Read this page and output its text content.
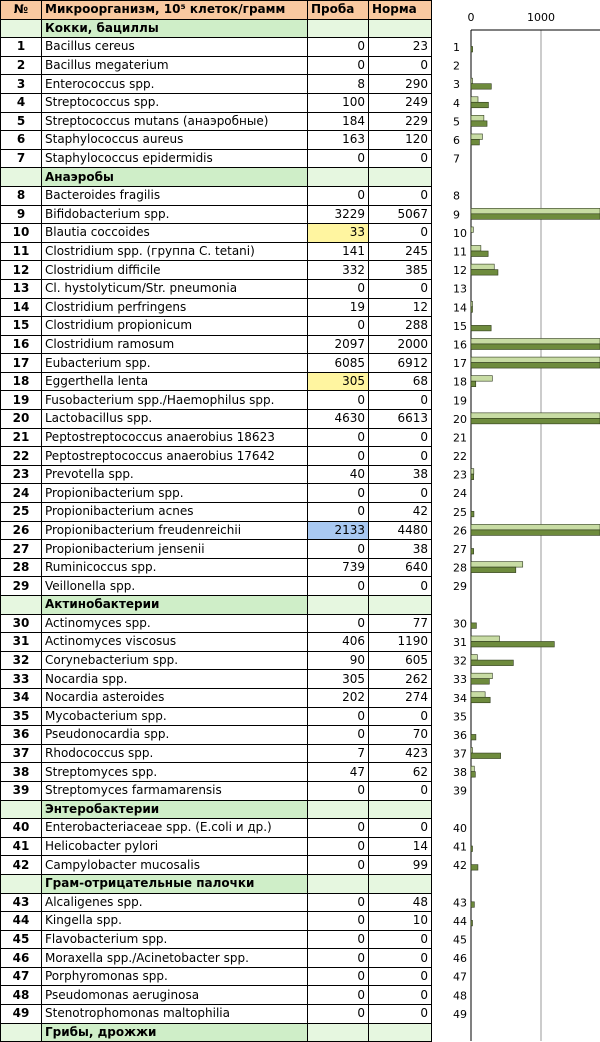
№	Микроорганизм, 10⁵ клеток/грамм	Проба	Норма
	Кокки, бациллы		
1	Bacillus cereus	0	23
2	Bacillus megaterium	0	0
3	Enterococcus spp.	8	290
4	Streptococcus spp.	100	249
5	Streptococcus mutans (анаэробные)	184	229
6	Staphylococcus aureus	163	120
7	Staphylococcus epidermidis	0	0
	Анаэробы		
8	Bacteroides fragilis	0	0
9	Bifidobacterium spp.	3229	5067
10	Blautia coccoides	33	0
11	Clostridium spp. (группа C. tetani)	141	245
12	Clostridium difficile	332	385
13	Cl. hystolyticum/Str. pneumonia	0	0
14	Clostridium perfringens	19	12
15	Clostridium propionicum	0	288
16	Clostridium ramosum	2097	2000
17	Eubacterium spp.	6085	6912
18	Eggerthella lenta	305	68
19	Fusobacterium spp./Haemophilus spp.	0	0
20	Lactobacillus spp.	4630	6613
21	Peptostreptococcus anaerobius 18623	0	0
22	Peptostreptococcus anaerobius 17642	0	0
23	Prevotella spp.	40	38
24	Propionibacterium spp.	0	0
25	Propionibacterium acnes	0	42
26	Propionibacterium freudenreichii	2133	4480
27	Propionibacterium jensenii	0	38
28	Ruminicoccus spp.	739	640
29	Veillonella spp.	0	0
	Актинобактерии		
30	Actinomyces spp.	0	77
31	Actinomyces viscosus	406	1190
32	Corynebacterium spp.	90	605
33	Nocardia spp.	305	262
34	Nocardia asteroides	202	274
35	Mycobacterium spp.	0	0
36	Pseudonocardia spp.	0	70
37	Rhodococcus spp.	7	423
38	Streptomyces spp.	47	62
39	Streptomyces farmamarensis	0	0
	Энтеробактерии		
40	Enterobacteriaceae spp. (E.coli и др.)	0	0
41	Helicobacter pylori	0	14
42	Campylobacter mucosalis	0	99
	Грам-отрицательные палочки		
43	Alcaligenes spp.	0	48
44	Kingella spp.	0	10
45	Flavobacterium spp.	0	0
46	Moraxella spp./Acinetobacter spp.	0	0
47	Porphyromonas spp.	0	0
48	Pseudomonas aeruginosa	0	0
49	Stenotrophomonas maltophilia	0	0
	Грибы, дрожжи		
0	1000
1
2
3
4
5
6
7
8
9
10
11
12
13
14
15
16
17
18
19
20
21
22
23
24
25
26
27
28
29
30
31
32
33
34
35
36
37
38
39
40
41
42
43
44
45
46
47
48
49
